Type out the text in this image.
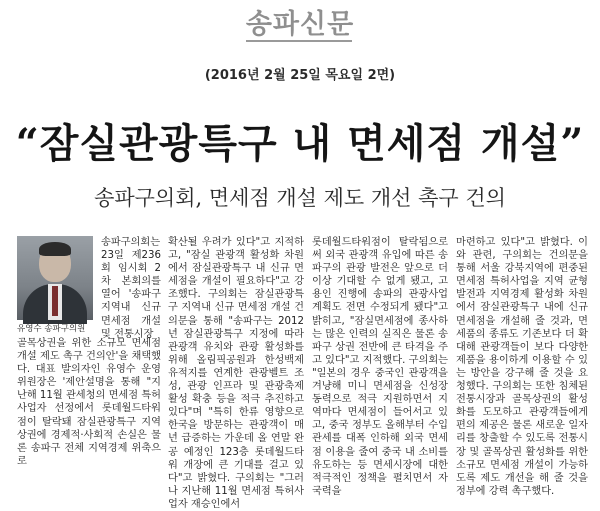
송파신문
(2016년 2월 25일 목요일 2면)
“잠실관광특구 내 면세점 개설”
송파구의회, 면세점 개설 제도 개선 촉구 건의
유영수 송파구의원
송파구의회는 23일 제236회 임시회 2차 본회의를 열어 '송파구 지역내 신규 면세점 개설 및 전통시장
골목상권을 위한 소규모 면세점 개설 제도 촉구 건의안'을 채택했다. 대표 발의자인 유영수 운영위원장은 '제안설명을 통해 "지난해 11월 관세청의 면세점 특허사업자 선정에서 롯데월드타워점이 탈락돼 잠실관광특구 지역 상권에 경제적·사회적 손실은 물론 송파구 전체 지역경제 위축으로

확산될 우려가 있다"고 지적하고, "잠실 관광객 활성화 차원에서 잠실관광특구 내 신규 면세점을 개설이 필요하다"고 강조했다. 구의회는 잠실관광특구 지역내 신규 면세점 개설 건의문을 통해 "송파구는 2012년 잠실관광특구 지정에 따라 관광객 유치와 관광 활성화를 위해 올림픽공원과 한성백제 유적지를 연계한 관광벨트 조성, 관광 인프라 및 관광축제 활성 확충 등을 적극 추진하고 있다"며 "특히 한류 영향으로 한국을 방문하는 관광객이 매년 급증하는 가운데 올 연말 완공 예정인 123층 롯데월드타워 개장에 큰 기대를 걸고 있다"고 밝혔다. 구의회는 "그러나 지난해 11월 면세점 특허사업자 재승인에서

롯데월드타워점이 탈락됨으로써 외국 관광객 유입에 따른 송파구의 관광 발전은 앞으로 더 이상 기대할 수 없게 됐고, 고용인 진행에 송파의 관광사업 계획도 전면 수정되게 됐다"고 밝히고, "잠실면세점에 종사하는 많은 인력의 실직은 물론 송파구 상권 전반에 큰 타격을 주고 있다"고 지적했다. 구의회는 "일본의 경우 중국인 관광객을 겨냥해 미니 면세점을 신성장 동력으로 적극 지원하면서 지역마다 면세점이 들어서고 있고, 중국 정부도 올해부터 수입관세를 대폭 인하해 외국 면세점 이용을 줄여 중국 내 소비를 유도하는 등 면세시장에 대한 적극적인 정책을 펼치면서 자국력을

마련하고 있다"고 밝혔다. 이와 관련, 구의회는 건의문을 통해 서울 강북지역에 편중된 면세점 특허사업을 지역 균형 발전과 지역경제 활성화 차원에서 잠실관광특구 내에 신규 면세점을 개설해 줄 것과, 면세품의 종류도 기존보다 더 확대해 관광객들이 보다 다양한 제품을 용이하게 이용할 수 있는 방안을 강구해 줄 것을 요청했다. 구의회는 또한 침체된 전통시장과 골목상권의 활성화를 도모하고 관광객들에게 편의 제공은 물론 새로운 일자리를 창출할 수 있도록 전통시장 및 골목상권 활성화를 위한 소규모 면세점 개설이 가능하도록 제도 개선을 해 줄 것을 정부에 강력 촉구했다.
